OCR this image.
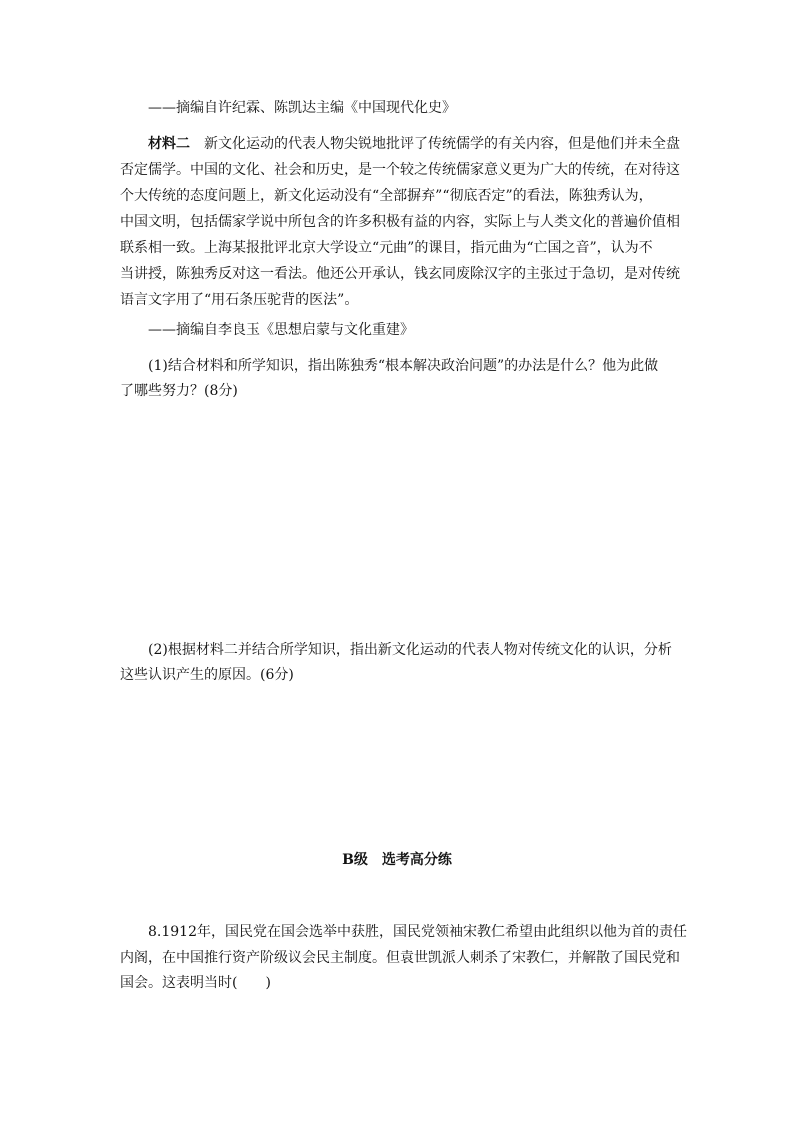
——摘编自许纪霖、陈凯达主编《中国现代化史》
材料二　 新文化运动的代表人物尖锐地批评了传统儒学的有关内容，但是他们并未全盘
否定儒学。中国的文化、社会和历史，是一个较之传统儒家意义更为广大的传统，在对待这
个大传统的态度问题上，新文化运动没有“全部摒弃”“彻底否定”的看法，陈独秀认为，
中国文明，包括儒家学说中所包含的许多积极有益的内容，实际上与人类文化的普遍价值相
联系相一致。上海某报批评北京大学设立“元曲”的课目，指元曲为“亡国之音”，认为不
当讲授，陈独秀反对这一看法。他还公开承认，钱玄同废除汉字的主张过于急切，是对传统
语言文字用了“用石条压驼背的医法”。
——摘编自李良玉《思想启蒙与文化重建》
(1)结合材料和所学知识，指出陈独秀“根本解决政治问题”的办法是什么？他为此做
了哪些努力？(8分)
(2)根据材料二并结合所学知识，指出新文化运动的代表人物对传统文化的认识，分析
这些认识产生的原因。(6分)
B级　选考高分练
8.1912年，国民党在国会选举中获胜，国民党领袖宋教仁希望由此组织以他为首的责任
内阁，在中国推行资产阶级议会民主制度。但袁世凯派人刺杀了宋教仁，并解散了国民党和
国会。这表明当时(　　)
